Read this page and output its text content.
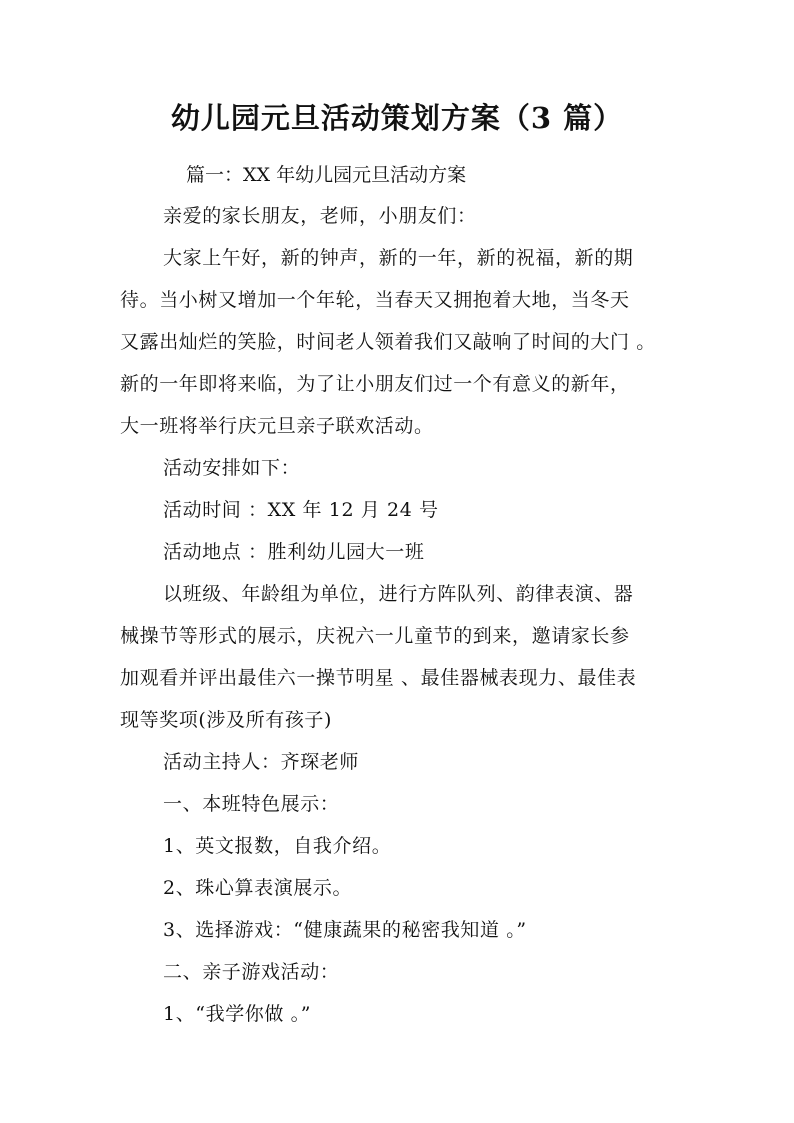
幼儿园元旦活动策划方案（3 篇）
篇一：XX 年幼儿园元旦活动方案
亲爱的家长朋友，老师，小朋友们：
大家上午好，新的钟声，新的一年，新的祝福，新的期
待。当小树又增加一个年轮，当春天又拥抱着大地，当冬天
又露出灿烂的笑脸，时间老人领着我们又敲响了时间的大门 。
新的一年即将来临，为了让小朋友们过一个有意义的新年，
大一班将举行庆元旦亲子联欢活动。
活动安排如下：
活动时间 ：XX 年 12 月 24 号
活动地点 ：胜利幼儿园大一班
以班级、年龄组为单位，进行方阵队列、韵律表演、器
械操节等形式的展示，庆祝六一儿童节的到来，邀请家长参
加观看并评出最佳六一操节明星 、最佳器械表现力、最佳表
现等奖项(涉及所有孩子)
活动主持人：齐琛老师
一、本班特色展示：
1、英文报数，自我介绍。
2、珠心算表演展示。
3、选择游戏：“健康蔬果的秘密我知道 。”
二、亲子游戏活动：
1、“我学你做 。”
